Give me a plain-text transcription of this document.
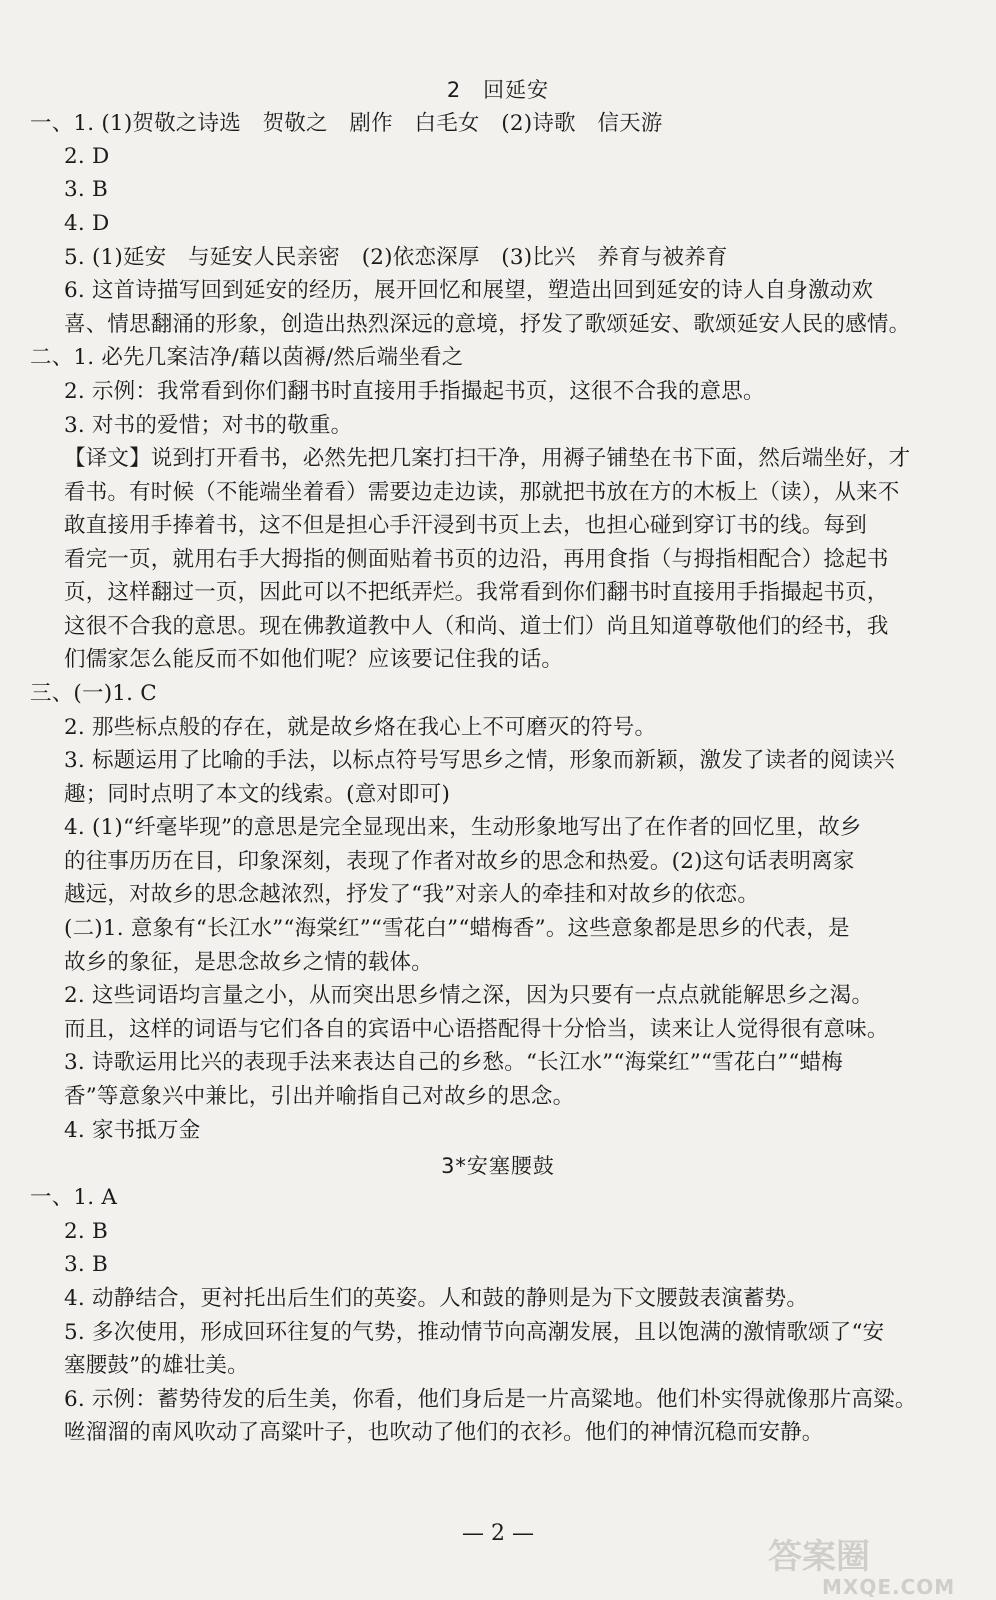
2　回延安
一、1. (1)贺敬之诗选　贺敬之　剧作　白毛女　(2)诗歌　信天游
2. D
3. B
4. D
5. (1)延安　与延安人民亲密　(2)依恋深厚　(3)比兴　养育与被养育
6. 这首诗描写回到延安的经历，展开回忆和展望，塑造出回到延安的诗人自身激动欢
喜、情思翻涌的形象，创造出热烈深远的意境，抒发了歌颂延安、歌颂延安人民的感情。
二、1. 必先几案洁净/藉以茵褥/然后端坐看之
2. 示例：我常看到你们翻书时直接用手指撮起书页，这很不合我的意思。
3. 对书的爱惜；对书的敬重。
【译文】说到打开看书，必然先把几案打扫干净，用褥子铺垫在书下面，然后端坐好，才
看书。有时候（不能端坐着看）需要边走边读，那就把书放在方的木板上（读），从来不
敢直接用手捧着书，这不但是担心手汗浸到书页上去，也担心碰到穿订书的线。每到
看完一页，就用右手大拇指的侧面贴着书页的边沿，再用食指（与拇指相配合）捻起书
页，这样翻过一页，因此可以不把纸弄烂。我常看到你们翻书时直接用手指撮起书页，
这很不合我的意思。现在佛教道教中人（和尚、道士们）尚且知道尊敬他们的经书，我
们儒家怎么能反而不如他们呢？应该要记住我的话。
三、(一)1. C
2. 那些标点般的存在，就是故乡烙在我心上不可磨灭的符号。
3. 标题运用了比喻的手法，以标点符号写思乡之情，形象而新颖，激发了读者的阅读兴
趣；同时点明了本文的线索。(意对即可)
4. (1)“纤毫毕现”的意思是完全显现出来，生动形象地写出了在作者的回忆里，故乡
的往事历历在目，印象深刻，表现了作者对故乡的思念和热爱。(2)这句话表明离家
越远，对故乡的思念越浓烈，抒发了“我”对亲人的牵挂和对故乡的依恋。
(二)1. 意象有“长江水”“海棠红”“雪花白”“蜡梅香”。这些意象都是思乡的代表，是
故乡的象征，是思念故乡之情的载体。
2. 这些词语均言量之小，从而突出思乡情之深，因为只要有一点点就能解思乡之渴。
而且，这样的词语与它们各自的宾语中心语搭配得十分恰当，读来让人觉得很有意味。
3. 诗歌运用比兴的表现手法来表达自己的乡愁。“长江水”“海棠红”“雪花白”“蜡梅
香”等意象兴中兼比，引出并喻指自己对故乡的思念。
4. 家书抵万金
3*安塞腰鼓
一、1. A
2. B
3. B
4. 动静结合，更衬托出后生们的英姿。人和鼓的静则是为下文腰鼓表演蓄势。
5. 多次使用，形成回环往复的气势，推动情节向高潮发展，且以饱满的激情歌颂了“安
塞腰鼓”的雄壮美。
6. 示例：蓄势待发的后生美，你看，他们身后是一片高粱地。他们朴实得就像那片高粱。
咝溜溜的南风吹动了高粱叶子，也吹动了他们的衣衫。他们的神情沉稳而安静。
— 2 —
答案圈
MXQE.COM
